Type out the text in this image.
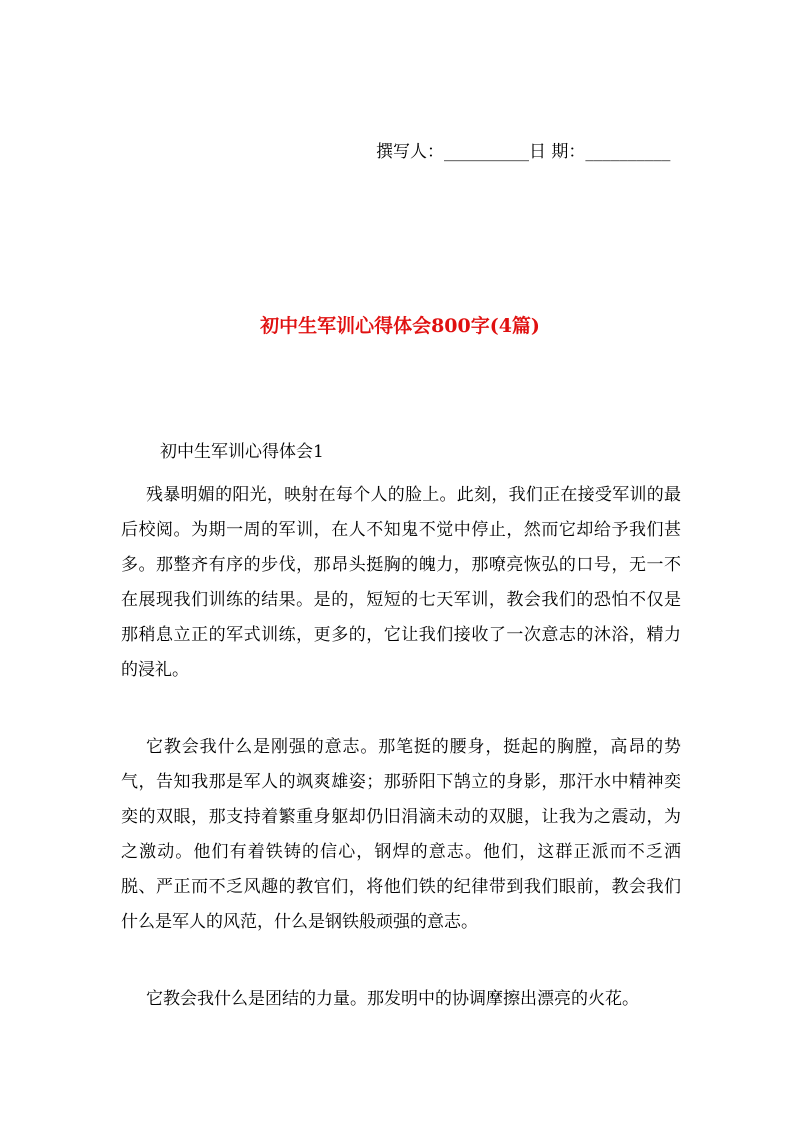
撰写人：__________日 期：__________
初中生军训心得体会800字(4篇)
初中生军训心得体会1

残暴明媚的阳光，映射在每个人的脸上。此刻，我们正在接受军训的最后校阅。为期一周的军训，在人不知鬼不觉中停止，然而它却给予我们甚多。那整齐有序的步伐，那昂头挺胸的魄力，那嘹亮恢弘的口号，无一不在展现我们训练的结果。是的，短短的七天军训，教会我们的恐怕不仅是那稍息立正的军式训练，更多的，它让我们接收了一次意志的沐浴，精力的浸礼。

它教会我什么是刚强的意志。那笔挺的腰身，挺起的胸膛，高昂的势气，告知我那是军人的飒爽雄姿；那骄阳下鹄立的身影，那汗水中精神奕奕的双眼，那支持着繁重身躯却仍旧涓滴未动的双腿，让我为之震动，为之激动。他们有着铁铸的信心，钢焊的意志。他们，这群正派而不乏洒脱、严正而不乏风趣的教官们，将他们铁的纪律带到我们眼前，教会我们什么是军人的风范，什么是钢铁般顽强的意志。

它教会我什么是团结的力量。那发明中的协调摩擦出漂亮的火花。
